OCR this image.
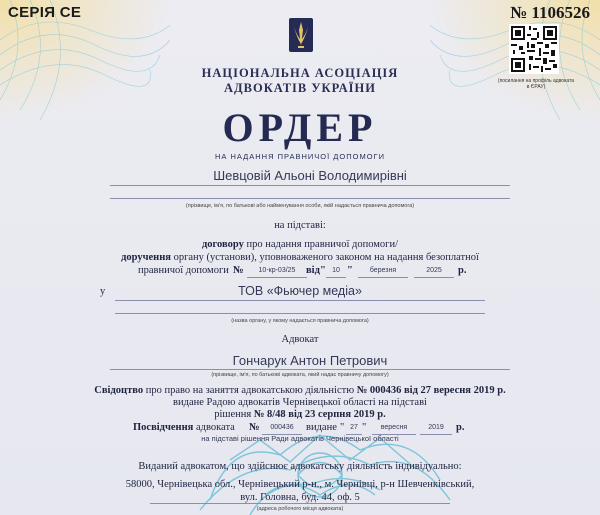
СЕРІЯ СЕ	№ 1106526
(посилання на профіль адвоката в ЄРАУ)
НАЦІОНАЛЬНА АСОЦІАЦІЯ
АДВОКАТІВ УКРАЇНИ
ОРДЕР
НА НАДАННЯ ПРАВНИЧОЇ ДОПОМОГИ
Шевцовій Альоні Володимирівні
(прізвище, ім'я, по батькові або найменування особи, якій надається правнича допомога)
на підставі:
договору про надання правничої допомоги/
доручення органу (установи), уповноваженого законом на надання безоплатної
правничої допомоги №	10-кр-03/25	від " 10 "	березня	2025	р.
у	ТОВ «Фьючер медіа»
(назва органу, у якому надається правнича допомога)
Адвокат
Гончарук Антон Петрович
(прізвище, ім'я, по батькові адвоката, який надає правничу допомогу)
Свідоцтво про право на заняття адвокатською діяльністю № 000436 від 27 вересня 2019 р.
видане Радою адвокатів Чернівецької області на підставі
рішення № 8/48 від 23 серпня 2019 р.
Посвідчення адвоката №	000436	видане " 27 "	вересня	2019	р.
на підставі рішення Ради адвокатів Чернівецької області
Виданий адвокатом, що здійснює адвокатську діяльність індивідуально:
58000, Чернівецька обл., Чернівецький р-н., м. Чернівці, р-н Шевченківський,
вул. Головна, буд. 44, оф. 5
(адреса робочого місця адвоката)
